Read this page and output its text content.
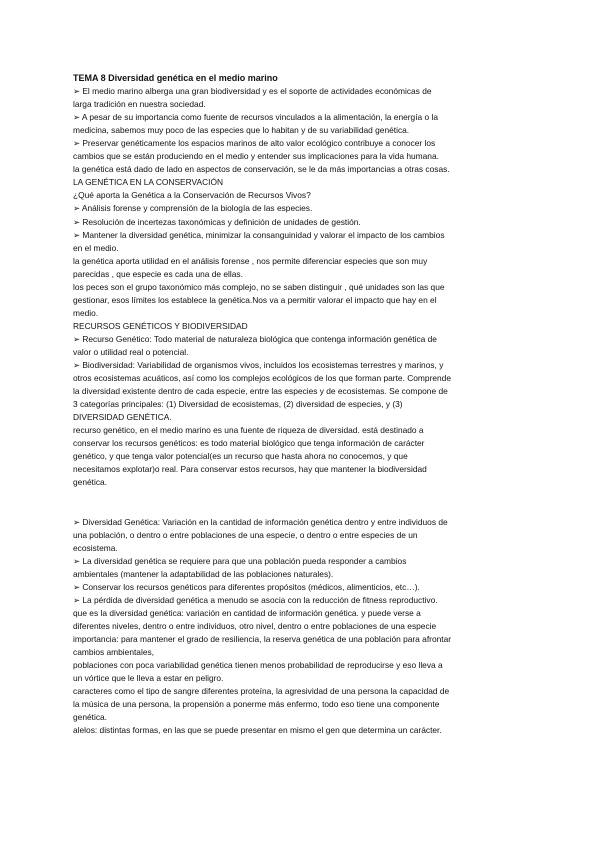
TEMA 8 Diversidad genética en el medio marino
➢ El medio marino alberga una gran biodiversidad y es el soporte de actividades económicas de
larga tradición en nuestra sociedad.
➢ A pesar de su importancia como fuente de recursos vinculados a la alimentación, la energía o la
medicina, sabemos muy poco de las especies que lo habitan y de su variabilidad genética.
➢ Preservar genéticamente los espacios marinos de alto valor ecológico contribuye a conocer los
cambios que se están produciendo en el medio y entender sus implicaciones para la vida humana.
la genética está dado de lado en aspectos de conservación, se le da más importancias a otras cosas.
LA GENÉTICA EN LA CONSERVACIÓN
¿Qué aporta la Genética a la Conservación de Recursos Vivos?
➢ Análisis forense y comprensión de la biología de las especies.
➢ Resolución de incertezas taxonómicas y definición de unidades de gestión.
➢ Mantener la diversidad genética, minimizar la consanguinidad y valorar el impacto de los cambios
en el medio.
la genética aporta utilidad en el análisis forense , nos permite diferenciar especies que son muy
parecidas , que especie es cada una de ellas.
los peces son el grupo taxonómico más complejo, no se saben distinguir , qué unidades son las que
gestionar, esos límites los establece la genética.Nos va a permitir valorar el impacto que hay en el
medio.
RECURSOS GENÉTICOS Y BIODIVERSIDAD
➢ Recurso Genético: Todo material de naturaleza biológica que contenga información genética de
valor o utilidad real o potencial.
➢ Biodiversidad: Variabilidad de organismos vivos, incluidos los ecosistemas terrestres y marinos, y
otros ecosistemas acuáticos, así como los complejos ecológicos de los que forman parte. Comprende
la diversidad existente dentro de cada especie, entre las especies y de ecosistemas. Se compone de
3 categorías principales: (1) Diversidad de ecosistemas, (2) diversidad de especies, y (3)
DIVERSIDAD GENÉTICA.
recurso genético, en el medio marino es una fuente de riqueza de diversidad. está destinado a
conservar los recursos genéticos: es todo material biológico que tenga información de carácter
genético, y que tenga valor potencial(es un recurso que hasta ahora no conocemos, y que
necesitamos explotar)o real. Para conservar estos recursos, hay que mantener la biodiversidad
genética.
➢ Diversidad Genética: Variación en la cantidad de información genética dentro y entre individuos de
una población, o dentro o entre poblaciones de una especie, o dentro o entre especies de un
ecosistema.
➢ La diversidad genética se requiere para que una población pueda responder a cambios
ambientales (mantener la adaptabilidad de las poblaciones naturales).
➢ Conservar los recursos genéticos para diferentes propósitos (médicos, alimenticios, etc…).
➢ La pérdida de diversidad genética a menudo se asocia con la reducción de fitness reproductivo.
que es la diversidad genética: variación en cantidad de información genética. y puede verse a
diferentes niveles, dentro o entre individuos, otro nivel, dentro o entre poblaciones de una especie
importancia: para mantener el grado de resiliencia, la reserva genética de una población para afrontar
cambios ambientales,
poblaciones con poca variabilidad genética tienen menos probabilidad de reproducirse y eso lleva a
un vórtice que le lleva a estar en peligro.
caracteres como el tipo de sangre diferentes proteína, la agresividad de una persona la capacidad de
la música de una persona, la propensión a ponerme más enfermo, todo eso tiene una componente
genética.
alelos: distintas formas, en las que se puede presentar en mismo el gen que determina un carácter.
